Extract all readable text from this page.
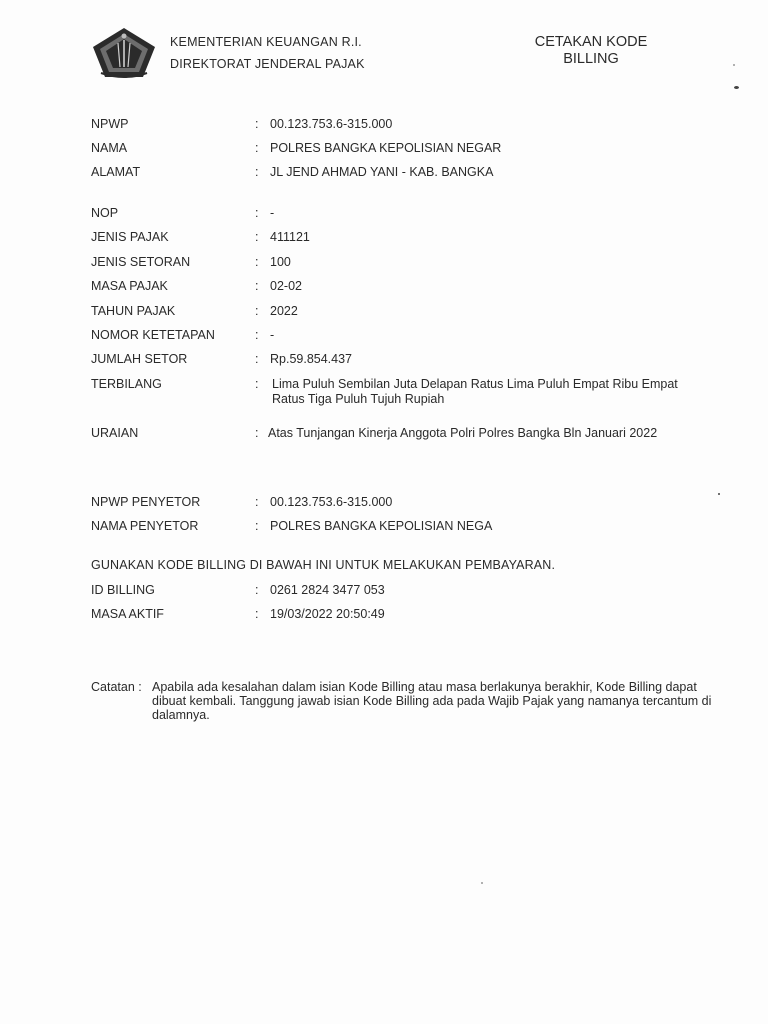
KEMENTERIAN KEUANGAN R.I.
DIREKTORAT JENDERAL PAJAK
CETAKAN KODE
BILLING
NPWP	: 00.123.753.6-315.000
NAMA	: POLRES BANGKA KEPOLISIAN NEGAR
ALAMAT	: JL JEND AHMAD YANI - KAB. BANGKA
NOP	: -
JENIS PAJAK	: 411121
JENIS SETORAN	: 100
MASA PAJAK	: 02-02
TAHUN PAJAK	: 2022
NOMOR KETETAPAN	: -
JUMLAH SETOR	: Rp.59.854.437
TERBILANG	: Lima Puluh Sembilan Juta Delapan Ratus Lima Puluh Empat Ribu Empat Ratus Tiga Puluh Tujuh Rupiah
URAIAN	: Atas Tunjangan Kinerja Anggota Polri Polres Bangka Bln Januari 2022
NPWP PENYETOR	: 00.123.753.6-315.000
NAMA PENYETOR	: POLRES BANGKA KEPOLISIAN NEGA
GUNAKAN KODE BILLING DI BAWAH INI UNTUK MELAKUKAN PEMBAYARAN.
ID BILLING	: 0261 2824 3477 053
MASA AKTIF	: 19/03/2022 20:50:49
Catatan : Apabila ada kesalahan dalam isian Kode Billing atau masa berlakunya berakhir, Kode Billing dapat dibuat kembali. Tanggung jawab isian Kode Billing ada pada Wajib Pajak yang namanya tercantum di dalamnya.
